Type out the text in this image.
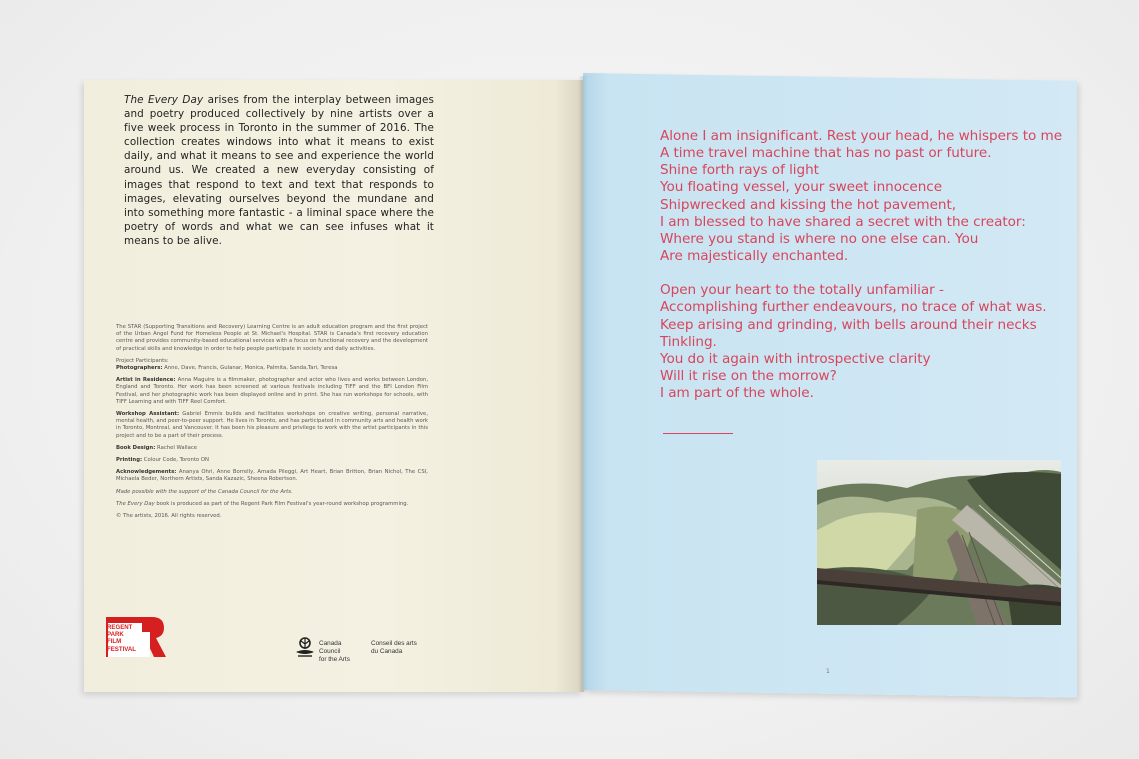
The Every Day arises from the interplay between images and poetry produced collectively by nine artists over a five week process in Toronto in the summer of 2016. The collection creates windows into what it means to exist daily, and what it means to see and experience the world around us. We created a new everyday consisting of images that respond to text and text that responds to images, elevating ourselves beyond the mundane and into something more fantastic - a liminal space where the poetry of words and what we can see infuses what it means to be alive.

The STAR (Supporting Transitions and Recovery) Learning Centre is an adult education program and the first project of the Urban Angel Fund for Homeless People at St. Michael's Hospital. STAR is Canada's first recovery education centre and provides community-based educational services with a focus on functional recovery and the development of practical skills and knowledge in order to help people participate in society and daily activities.

Project Participants:
Photographers: Anne, Dave, Francis, Gulanar, Monica, Palmita, Sanda,Tari, Teresa

Artist in Residence: Anna Maguire is a filmmaker, photographer and actor who lives and works between London, England and Toronto. Her work has been screened at various festivals including TIFF and the BFI London Film Festival, and her photographic work has been displayed online and in print. She has run workshops for schools, with TIFF Learning and with TIFF Reel Comfort.

Workshop Assistant: Gabriel Emmis builds and facilitates workshops on creative writing, personal narrative, mental health, and peer-to-peer support. He lives in Toronto, and has participated in community arts and health work in Toronto, Montreal, and Vancouver. It has been his pleasure and privilege to work with the artist participants in this project and to be a part of their process.

Book Design: Rachel Wallace

Printing: Colour Code, Toronto ON

Acknowledgements: Ananya Ohri, Anne Borrelly, Amada Pileggi, Art Heart, Brian Britton, Brian Nichol, The CSI, Michaela Beder, Northern Artists, Sanda Kazazic, Sheena Robertson.

Made possible with the support of the Canada Council for the Arts.

The Every Day book is produced as part of the Regent Park Film Festival's year-round workshop programming.

© The artists, 2016. All rights reserved.

REGENT
PARK
FILM
FESTIVAL
Canada Council
for the Arts
Conseil des arts
du Canada
Alone I am insignificant. Rest your head, he whispers to me
A time travel machine that has no past or future.
Shine forth rays of light
You floating vessel, your sweet innocence
Shipwrecked and kissing the hot pavement,
I am blessed to have shared a secret with the creator:
Where you stand is where no one else can. You
Are majestically enchanted.
Open your heart to the totally unfamiliar -
Accomplishing further endeavours, no trace of what was.
Keep arising and grinding, with bells around their necks
Tinkling.
You do it again with introspective clarity
Will it rise on the morrow?
I am part of the whole.
1
